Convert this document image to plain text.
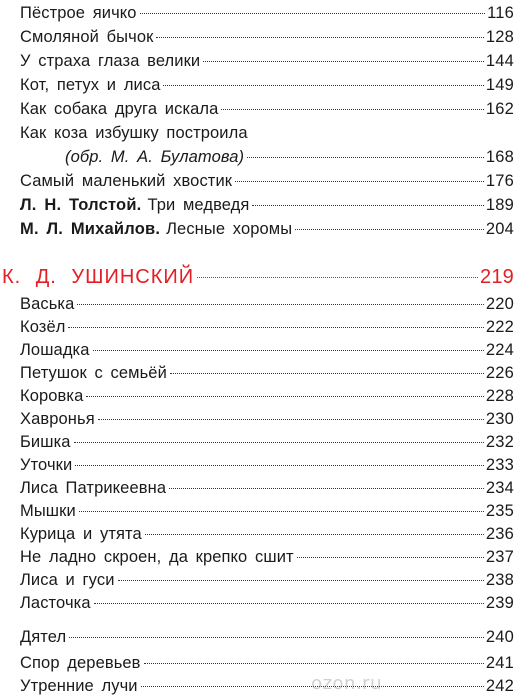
Пёстрое яичко	116
Смоляной бычок	128
У страха глаза велики	144
Кот, петух и лиса	149
Как собака друга искала	162
Как коза избушку построила
(обр. М. А. Булатова)	168
Самый маленький хвостик	176
Л. Н. Толстой. Три медведя	189
М. Л. Михайлов. Лесные хоромы	204
К. Д. УШИНСКИЙ	219
Васька	220
Козёл	222
Лошадка	224
Петушок с семьёй	226
Коровка	228
Хавронья	230
Бишка	232
Уточки	233
Лиса Патрикеевна	234
Мышки	235
Курица и утята	236
Не ладно скроен, да крепко сшит	237
Лиса и гуси	238
Ласточка	239
Дятел	240
Спор деревьев	241
Утренние лучи	242
ozon.ru
